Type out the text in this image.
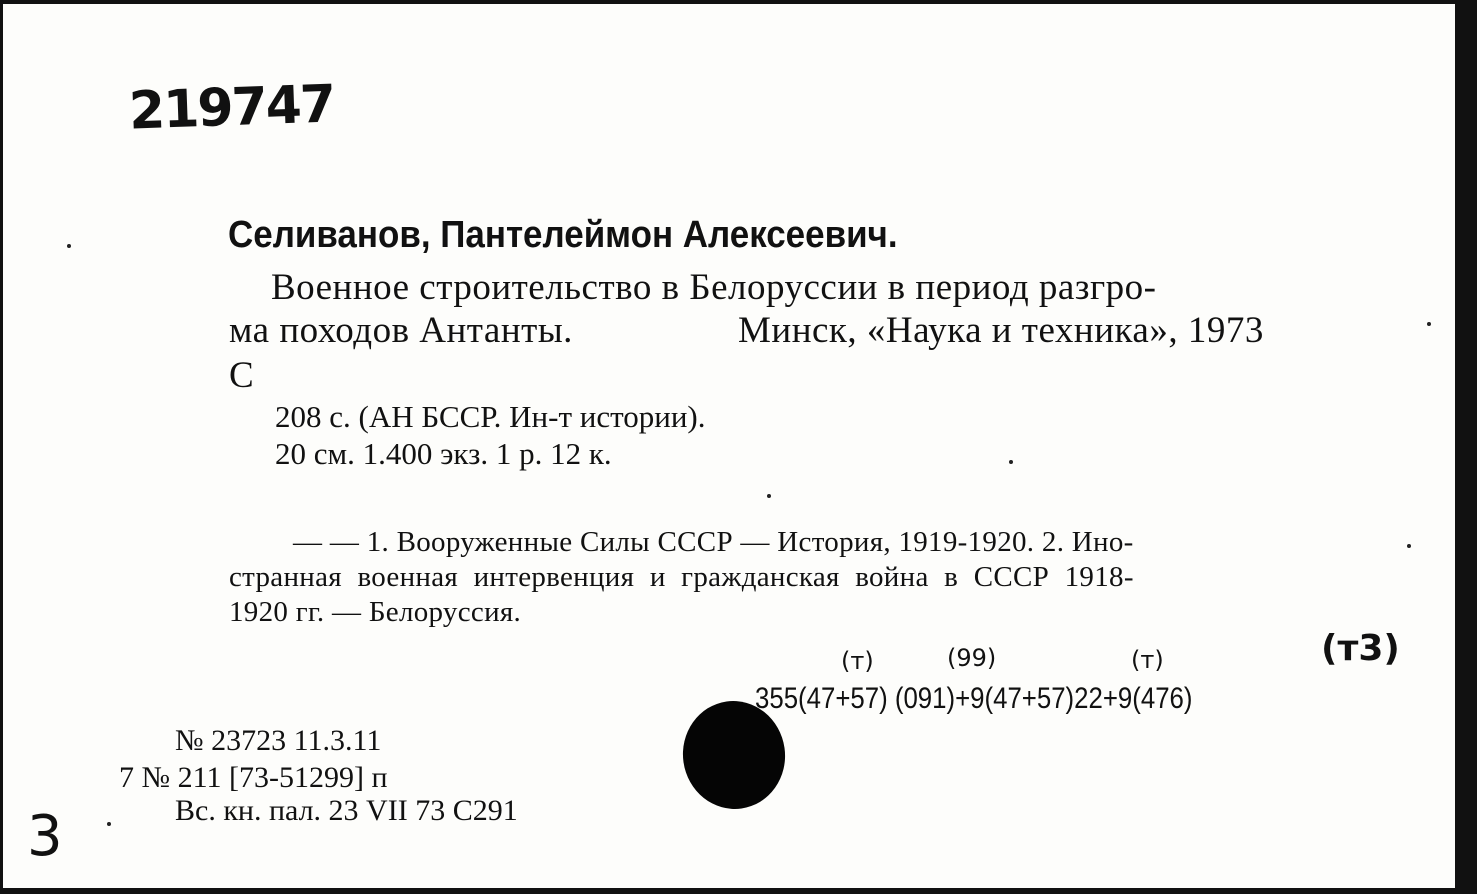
219747
Селиванов, Пантелеймон Алексеевич.
Военное строительство в Белоруссии в период разгро-
ма походов Антанты.	Минск, «Наука и техника», 1973
С
208 с. (АН БССР. Ин-т истории).
20 см. 1.400 экз. 1 р. 12 к.
— — 1. Вооруженные Силы СССР — История, 1919-1920. 2. Ино-
странная военная интервенция и гражданская война в СССР 1918-
1920 гг. — Белоруссия.
(т)	(99)	(т)	(т3)
355(47+57) (091)+9(47+57)22+9(476)
№ 23723 11.3.11
7 № 211 [73-51299] п
Вс. кн. пал. 23 VII 73 С291
3
